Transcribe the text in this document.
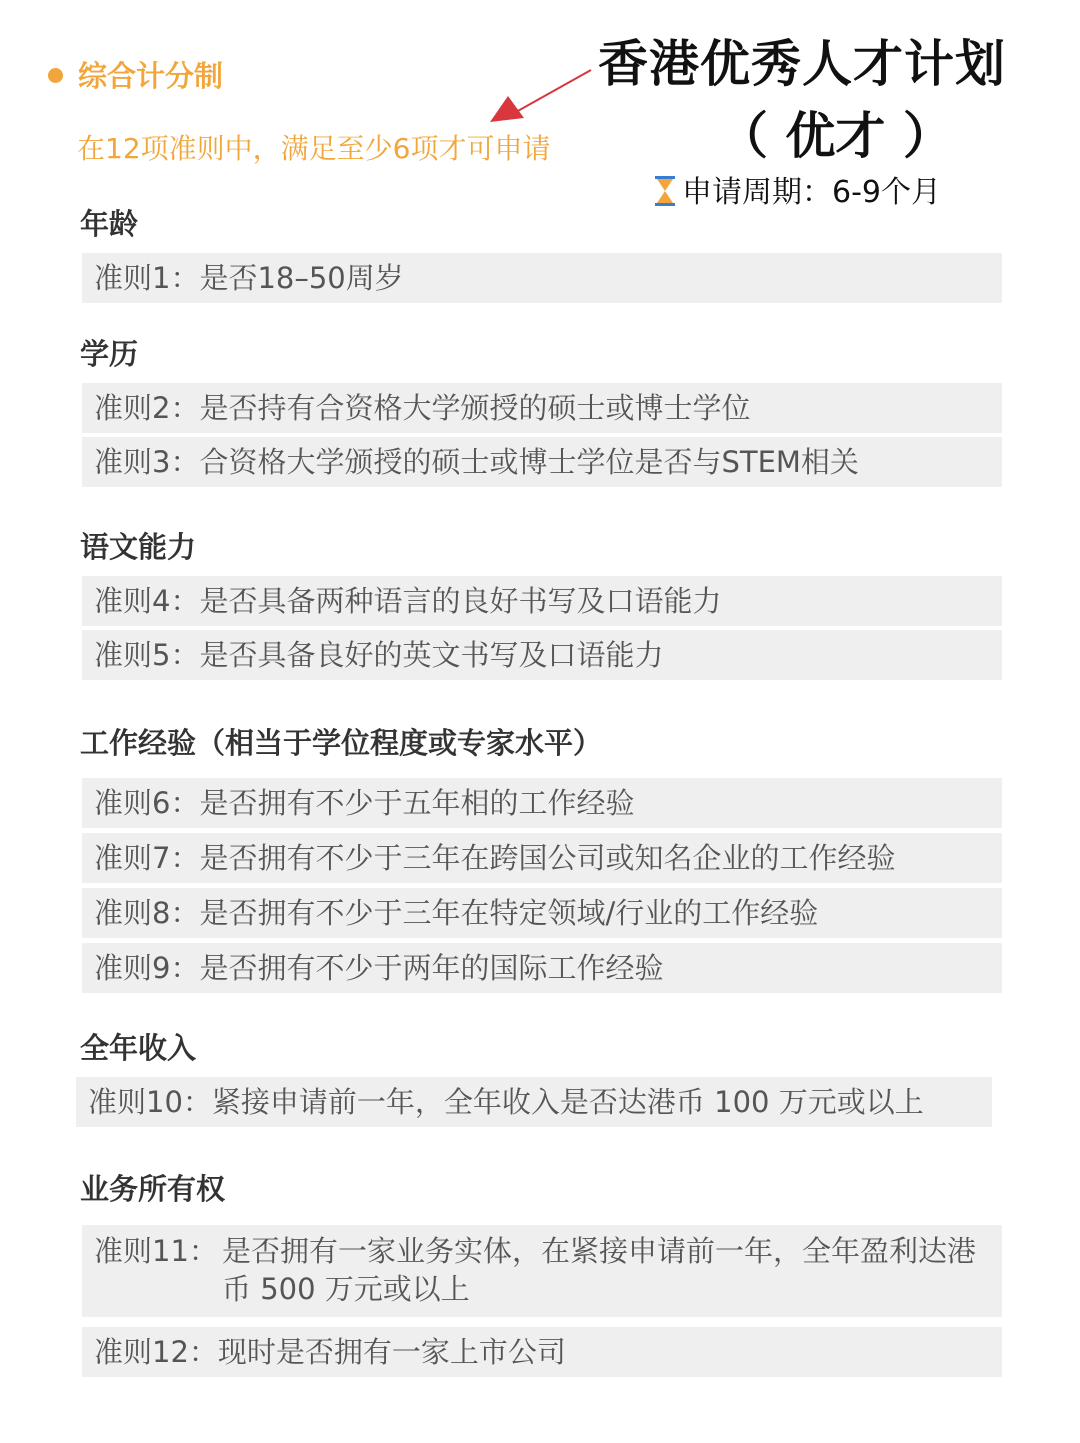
综合计分制
在12项准则中，满足至少6项才可申请
香港优秀人才计划
（ 优才 ）
申请周期：6-9个月
年龄
准则1：是否18–50周岁
学历
准则2：是否持有合资格大学颁授的硕士或博士学位
准则3：合资格大学颁授的硕士或博士学位是否与STEM相关
语文能力
准则4：是否具备两种语言的良好书写及口语能力
准则5：是否具备良好的英文书写及口语能力
工作经验（相当于学位程度或专家水平）
准则6：是否拥有不少于五年相的工作经验
准则7：是否拥有不少于三年在跨国公司或知名企业的工作经验
准则8：是否拥有不少于三年在特定领域/行业的工作经验
准则9：是否拥有不少于两年的国际工作经验
全年收入
准则10：紧接申请前一年，全年收入是否达港币 100 万元或以上
业务所有权
准则11： 是否拥有一家业务实体，在紧接申请前一年，全年盈利达港币 500 万元或以上
准则12：现时是否拥有一家上市公司
